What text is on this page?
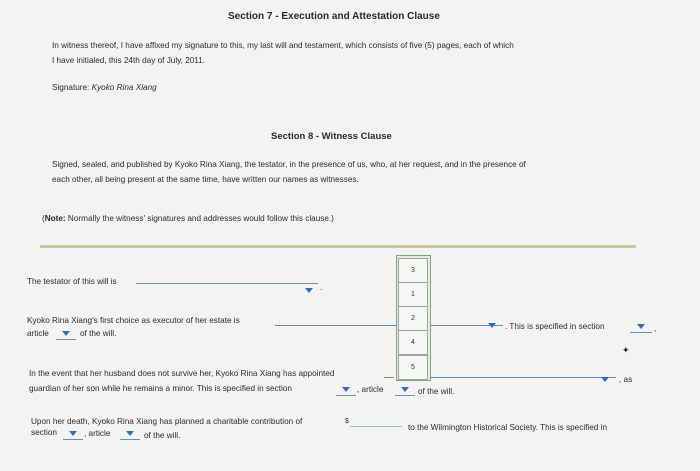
Section 7 - Execution and Attestation Clause
In witness thereof, I have affixed my signature to this, my last will and testament, which consists of five (5) pages, each of which
I have initialed, this 24th day of July, 2011.
Signature: Kyoko Rina Xiang
Section 8 - Witness Clause
Signed, sealed, and published by Kyoko Rina Xiang, the testator, in the presence of us, who, at her request, and in the presence of
each other, all being present at the same time, have written our names as witnesses.
(Note: Normally the witness' signatures and addresses would follow this clause.)
The testator of this will is
.
3
1
2
4
5
Kyoko Rina Xiang's first choice as executor of her estate is
. This is specified in section	,
article	of the will.
✦
In the event that her husband does not survive her, Kyoko Rina Xiang has appointed
, as
guardian of her son while he remains a minor. This is specified in section	, article	of the will.
Upon her death, Kyoko Rina Xiang has planned a charitable contribution of	$
to the Wilmington Historical Society. This is specified in
section	, article	of the will.
